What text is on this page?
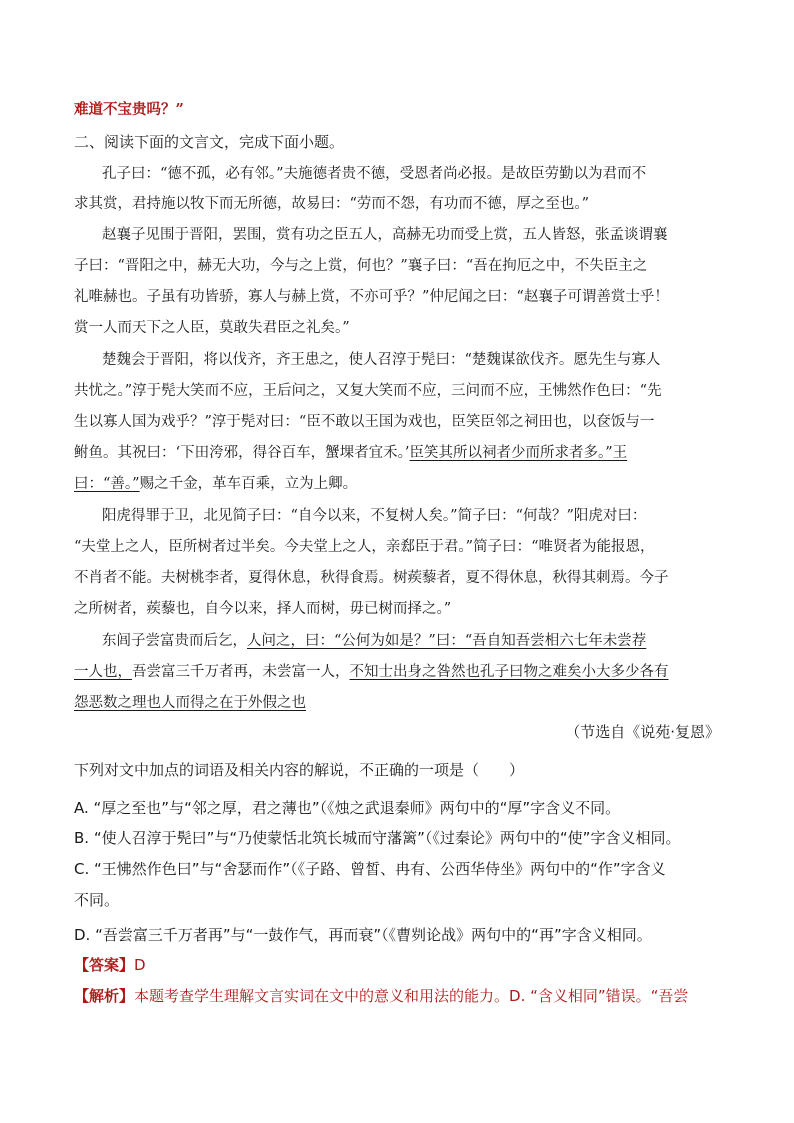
难道不宝贵吗？”
二、阅读下面的文言文，完成下面小题。
孔子曰：“德不孤，必有邻。”夫施德者贵不德，受恩者尚必报。是故臣劳勤以为君而不
求其赏，君持施以牧下而无所德，故易曰：“劳而不怨，有功而不德，厚之至也。”
赵襄子见围于晋阳，罢围，赏有功之臣五人，高赫无功而受上赏，五人皆怒，张孟谈谓襄
子曰：“晋阳之中，赫无大功，今与之上赏，何也？”襄子曰：“吾在拘厄之中，不失臣主之
礼唯赫也。子虽有功皆骄，寡人与赫上赏，不亦可乎？”仲尼闻之曰：“赵襄子可谓善赏士乎！
赏一人而天下之人臣，莫敢失君臣之礼矣。”
楚魏会于晋阳，将以伐齐，齐王患之，使人召淳于髡曰：“楚魏谋欲伐齐。愿先生与寡人
共忧之。”淳于髡大笑而不应，王后问之，又复大笑而不应，三问而不应，王怫然作色曰：“先
生以寡人国为戏乎？”淳于髡对曰：“臣不敢以王国为戏也，臣笑臣邻之祠田也，以奁饭与一
鲋鱼。其祝曰：‘下田洿邪，得谷百车，蟹堁者宜禾。’臣笑其所以祠者少而所求者多。”王
曰：“善。”赐之千金，革车百乘，立为上卿。
阳虎得罪于卫，北见简子曰：“自今以来，不复树人矣。”简子曰：“何哉？”阳虎对曰：
“夫堂上之人，臣所树者过半矣。今夫堂上之人，亲郄臣于君。”简子曰：“唯贤者为能报恩，
不肖者不能。夫树桃李者，夏得休息，秋得食焉。树蒺藜者，夏不得休息，秋得其刺焉。今子
之所树者，蒺藜也，自今以来，择人而树，毋已树而择之。”
东闾子尝富贵而后乞，人问之，曰：“公何为如是？”曰：“吾自知吾尝相六七年未尝荐
一人也，吾尝富三千万者再，未尝富一人，不知士出身之咎然也孔子曰物之难矣小大多少各有
怨恶数之理也人而得之在于外假之也
（节选自《说苑·复恩》
下列对文中加点的词语及相关内容的解说，不正确的一项是（　　）
A. “厚之至也”与“邻之厚，君之薄也”（《烛之武退秦师》两句中的“厚”字含义不同。
B. “使人召淳于髡曰”与“乃使蒙恬北筑长城而守藩篱”（《过秦论》两句中的“使”字含义相同。
C. “王怫然作色曰”与“舍瑟而作”（《子路、曾皙、冉有、公西华侍坐》两句中的“作”字含义
不同。
D. “吾尝富三千万者再”与“一鼓作气，再而衰”（《曹刿论战》两句中的“再”字含义相同。
【答案】D
【解析】本题考查学生理解文言实词在文中的意义和用法的能力。D. “含义相同”错误。“吾尝
